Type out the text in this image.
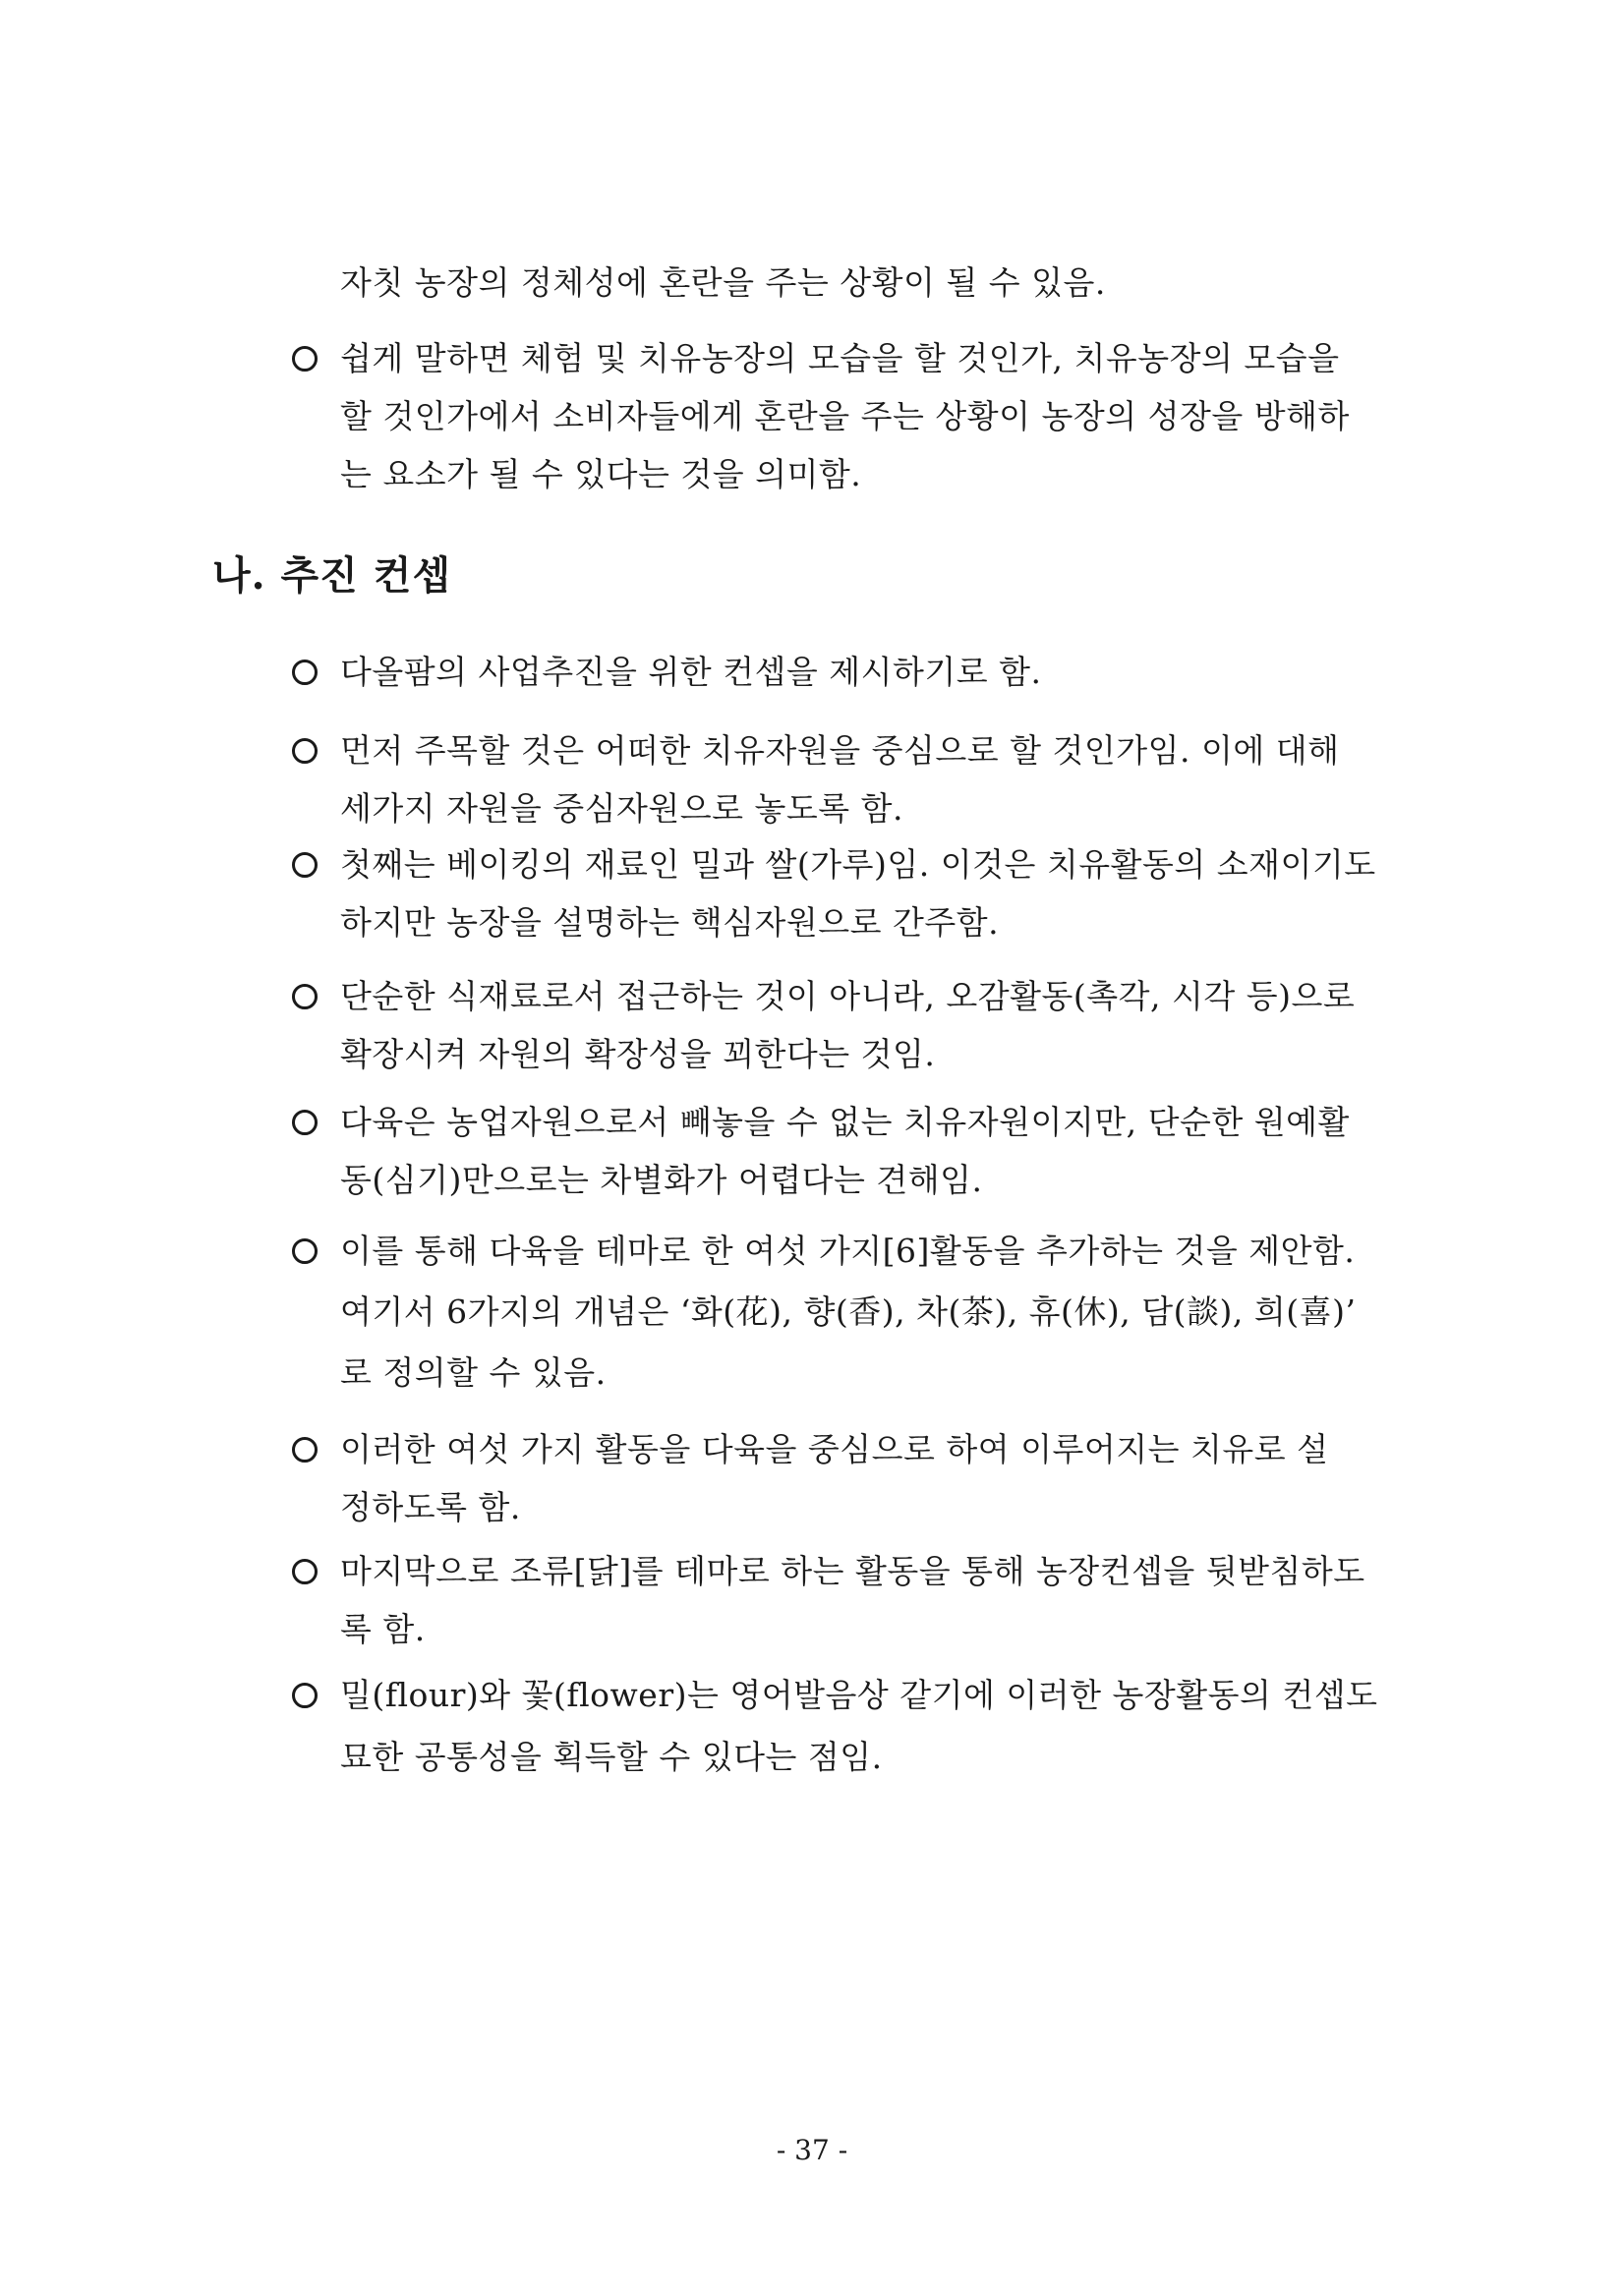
자칫 농장의 정체성에 혼란을 주는 상황이 될 수 있음.
쉽게 말하면 체험 및 치유농장의 모습을 할 것인가, 치유농장의 모습을
할 것인가에서 소비자들에게 혼란을 주는 상황이 농장의 성장을 방해하
는 요소가 될 수 있다는 것을 의미함.
나. 추진 컨셉
다올팜의 사업추진을 위한 컨셉을 제시하기로 함.
먼저 주목할 것은 어떠한 치유자원을 중심으로 할 것인가임. 이에 대해
세가지 자원을 중심자원으로 놓도록 함.
첫째는 베이킹의 재료인 밀과 쌀(가루)임. 이것은 치유활동의 소재이기도
하지만 농장을 설명하는 핵심자원으로 간주함.
단순한 식재료로서 접근하는 것이 아니라, 오감활동(촉각, 시각 등)으로
확장시켜 자원의 확장성을 꾀한다는 것임.
다육은 농업자원으로서 빼놓을 수 없는 치유자원이지만, 단순한 원예활
동(심기)만으로는 차별화가 어렵다는 견해임.
이를 통해 다육을 테마로 한 여섯 가지[6]활동을 추가하는 것을 제안함.
여기서 6가지의 개념은 ‘화(花), 향(香), 차(茶), 휴(休), 담(談), 희(喜)’
로 정의할 수 있음.
이러한 여섯 가지 활동을 다육을 중심으로 하여 이루어지는 치유로 설
정하도록 함.
마지막으로 조류[닭]를 테마로 하는 활동을 통해 농장컨셉을 뒷받침하도
록 함.
밀(flour)와 꽃(flower)는 영어발음상 같기에 이러한 농장활동의 컨셉도
묘한 공통성을 획득할 수 있다는 점임.
- 37 -
